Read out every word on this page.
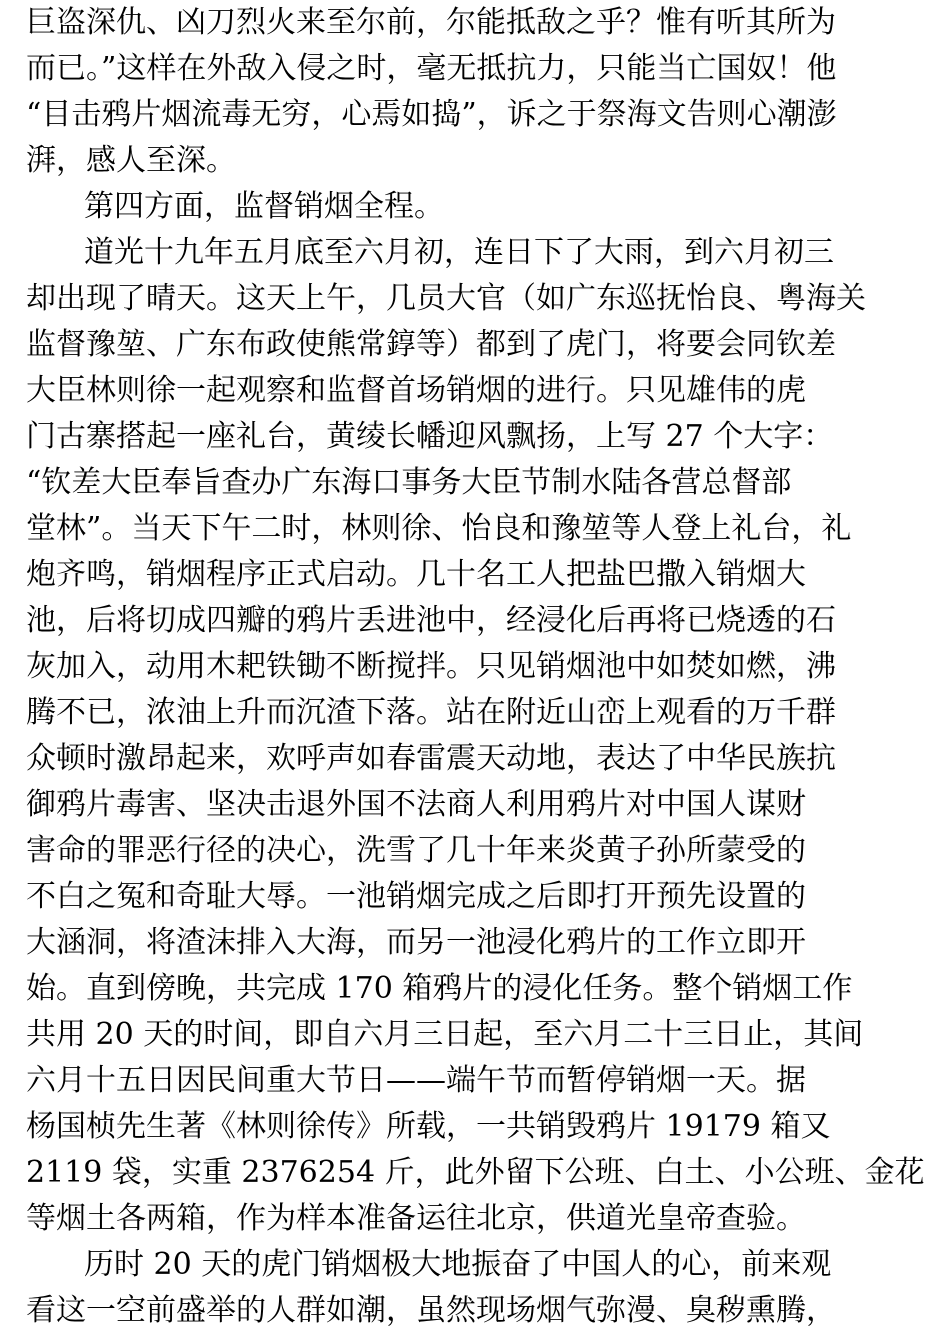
巨盗深仇、凶刀烈火来至尔前，尔能抵敌之乎？惟有听其所为
而已。”这样在外敌入侵之时，毫无抵抗力，只能当亡国奴！他
“目击鸦片烟流毒无穷，心焉如捣”，诉之于祭海文告则心潮澎
湃，感人至深。
第四方面，监督销烟全程。
道光十九年五月底至六月初，连日下了大雨，到六月初三
却出现了晴天。这天上午，几员大官（如广东巡抚怡良、粤海关
监督豫堃、广东布政使熊常錞等）都到了虎门，将要会同钦差
大臣林则徐一起观察和监督首场销烟的进行。只见雄伟的虎
门古寨搭起一座礼台，黄绫长幡迎风飘扬，上写 27 个大字：
“钦差大臣奉旨查办广东海口事务大臣节制水陆各营总督部
堂林”。当天下午二时，林则徐、怡良和豫堃等人登上礼台，礼
炮齐鸣，销烟程序正式启动。几十名工人把盐巴撒入销烟大
池，后将切成四瓣的鸦片丢进池中，经浸化后再将已烧透的石
灰加入，动用木耙铁锄不断搅拌。只见销烟池中如焚如燃，沸
腾不已，浓油上升而沉渣下落。站在附近山峦上观看的万千群
众顿时激昂起来，欢呼声如春雷震天动地，表达了中华民族抗
御鸦片毒害、坚决击退外国不法商人利用鸦片对中国人谋财
害命的罪恶行径的决心，洗雪了几十年来炎黄子孙所蒙受的
不白之冤和奇耻大辱。一池销烟完成之后即打开预先设置的
大涵洞，将渣沫排入大海，而另一池浸化鸦片的工作立即开
始。直到傍晚，共完成 170 箱鸦片的浸化任务。整个销烟工作
共用 20 天的时间，即自六月三日起，至六月二十三日止，其间
六月十五日因民间重大节日——端午节而暂停销烟一天。据
杨国桢先生著《林则徐传》所载，一共销毁鸦片 19179 箱又
2119 袋，实重 2376254 斤，此外留下公班、白土、小公班、金花
等烟土各两箱，作为样本准备运往北京，供道光皇帝查验。
历时 20 天的虎门销烟极大地振奋了中国人的心，前来观
看这一空前盛举的人群如潮，虽然现场烟气弥漫、臭秽熏腾，
